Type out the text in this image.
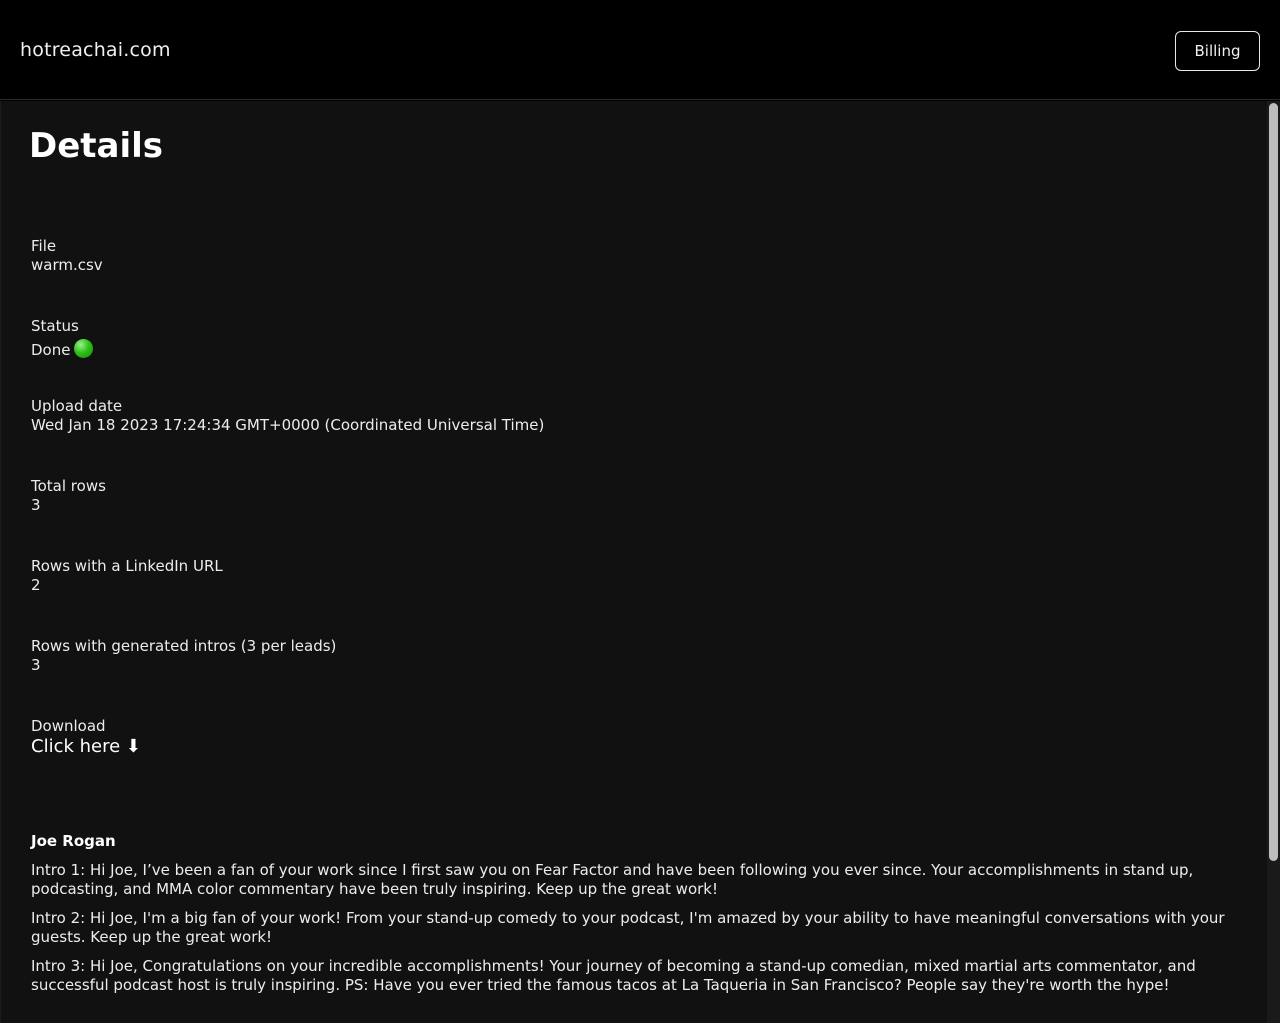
hotreachai.com	Billing
Details
File
warm.csv
Status
Done
Upload date
Wed Jan 18 2023 17:24:34 GMT+0000 (Coordinated Universal Time)
Total rows
3
Rows with a LinkedIn URL
2
Rows with generated intros (3 per leads)
3
Download
Click here ⬇
Joe Rogan

Intro 1: Hi Joe, I’ve been a fan of your work since I first saw you on Fear Factor and have been following you ever since. Your accomplishments in stand up, podcasting, and MMA color commentary have been truly inspiring. Keep up the great work!

Intro 2: Hi Joe, I'm a big fan of your work! From your stand-up comedy to your podcast, I'm amazed by your ability to have meaningful conversations with your guests. Keep up the great work!

Intro 3: Hi Joe, Congratulations on your incredible accomplishments! Your journey of becoming a stand-up comedian, mixed martial arts commentator, and successful podcast host is truly inspiring. PS: Have you ever tried the famous tacos at La Taqueria in San Francisco? People say they're worth the hype!
